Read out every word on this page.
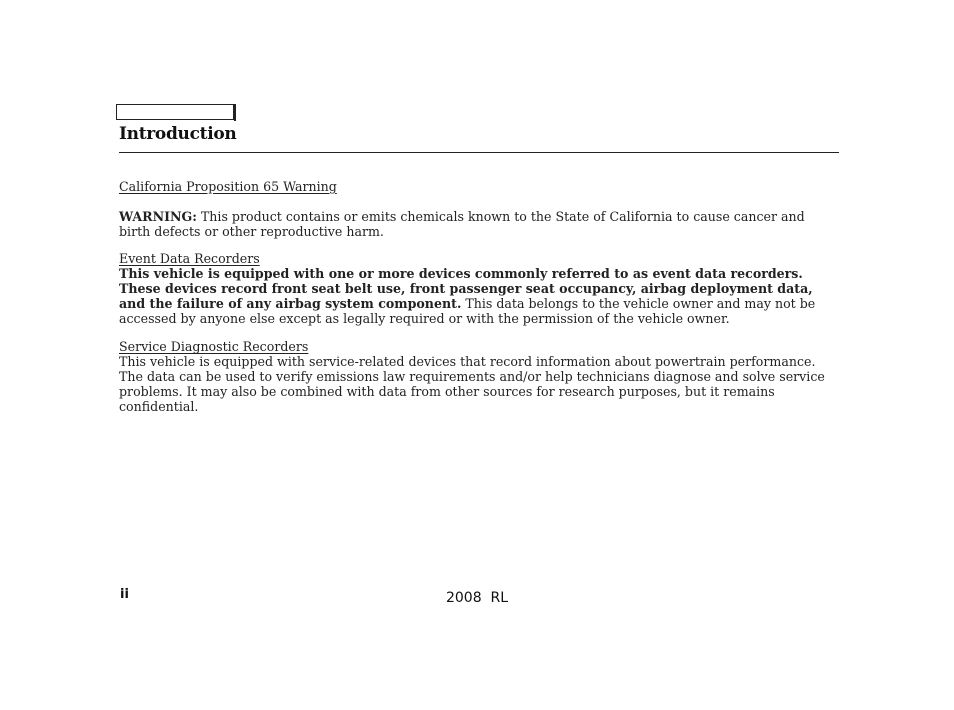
Introduction
California Proposition 65 Warning

WARNING: This product contains or emits chemicals known to the State of California to cause cancer and birth defects or other reproductive harm.

Event Data Recorders

This vehicle is equipped with one or more devices commonly referred to as event data recorders. These devices record front seat belt use, front passenger seat occupancy, airbag deployment data, and the failure of any airbag system component. This data belongs to the vehicle owner and may not be accessed by anyone else except as legally required or with the permission of the vehicle owner.

Service Diagnostic Recorders

This vehicle is equipped with service-related devices that record information about powertrain performance. The data can be used to verify emissions law requirements and/or help technicians diagnose and solve service problems. It may also be combined with data from other sources for research purposes, but it remains confidential.

ii	2008  RL
